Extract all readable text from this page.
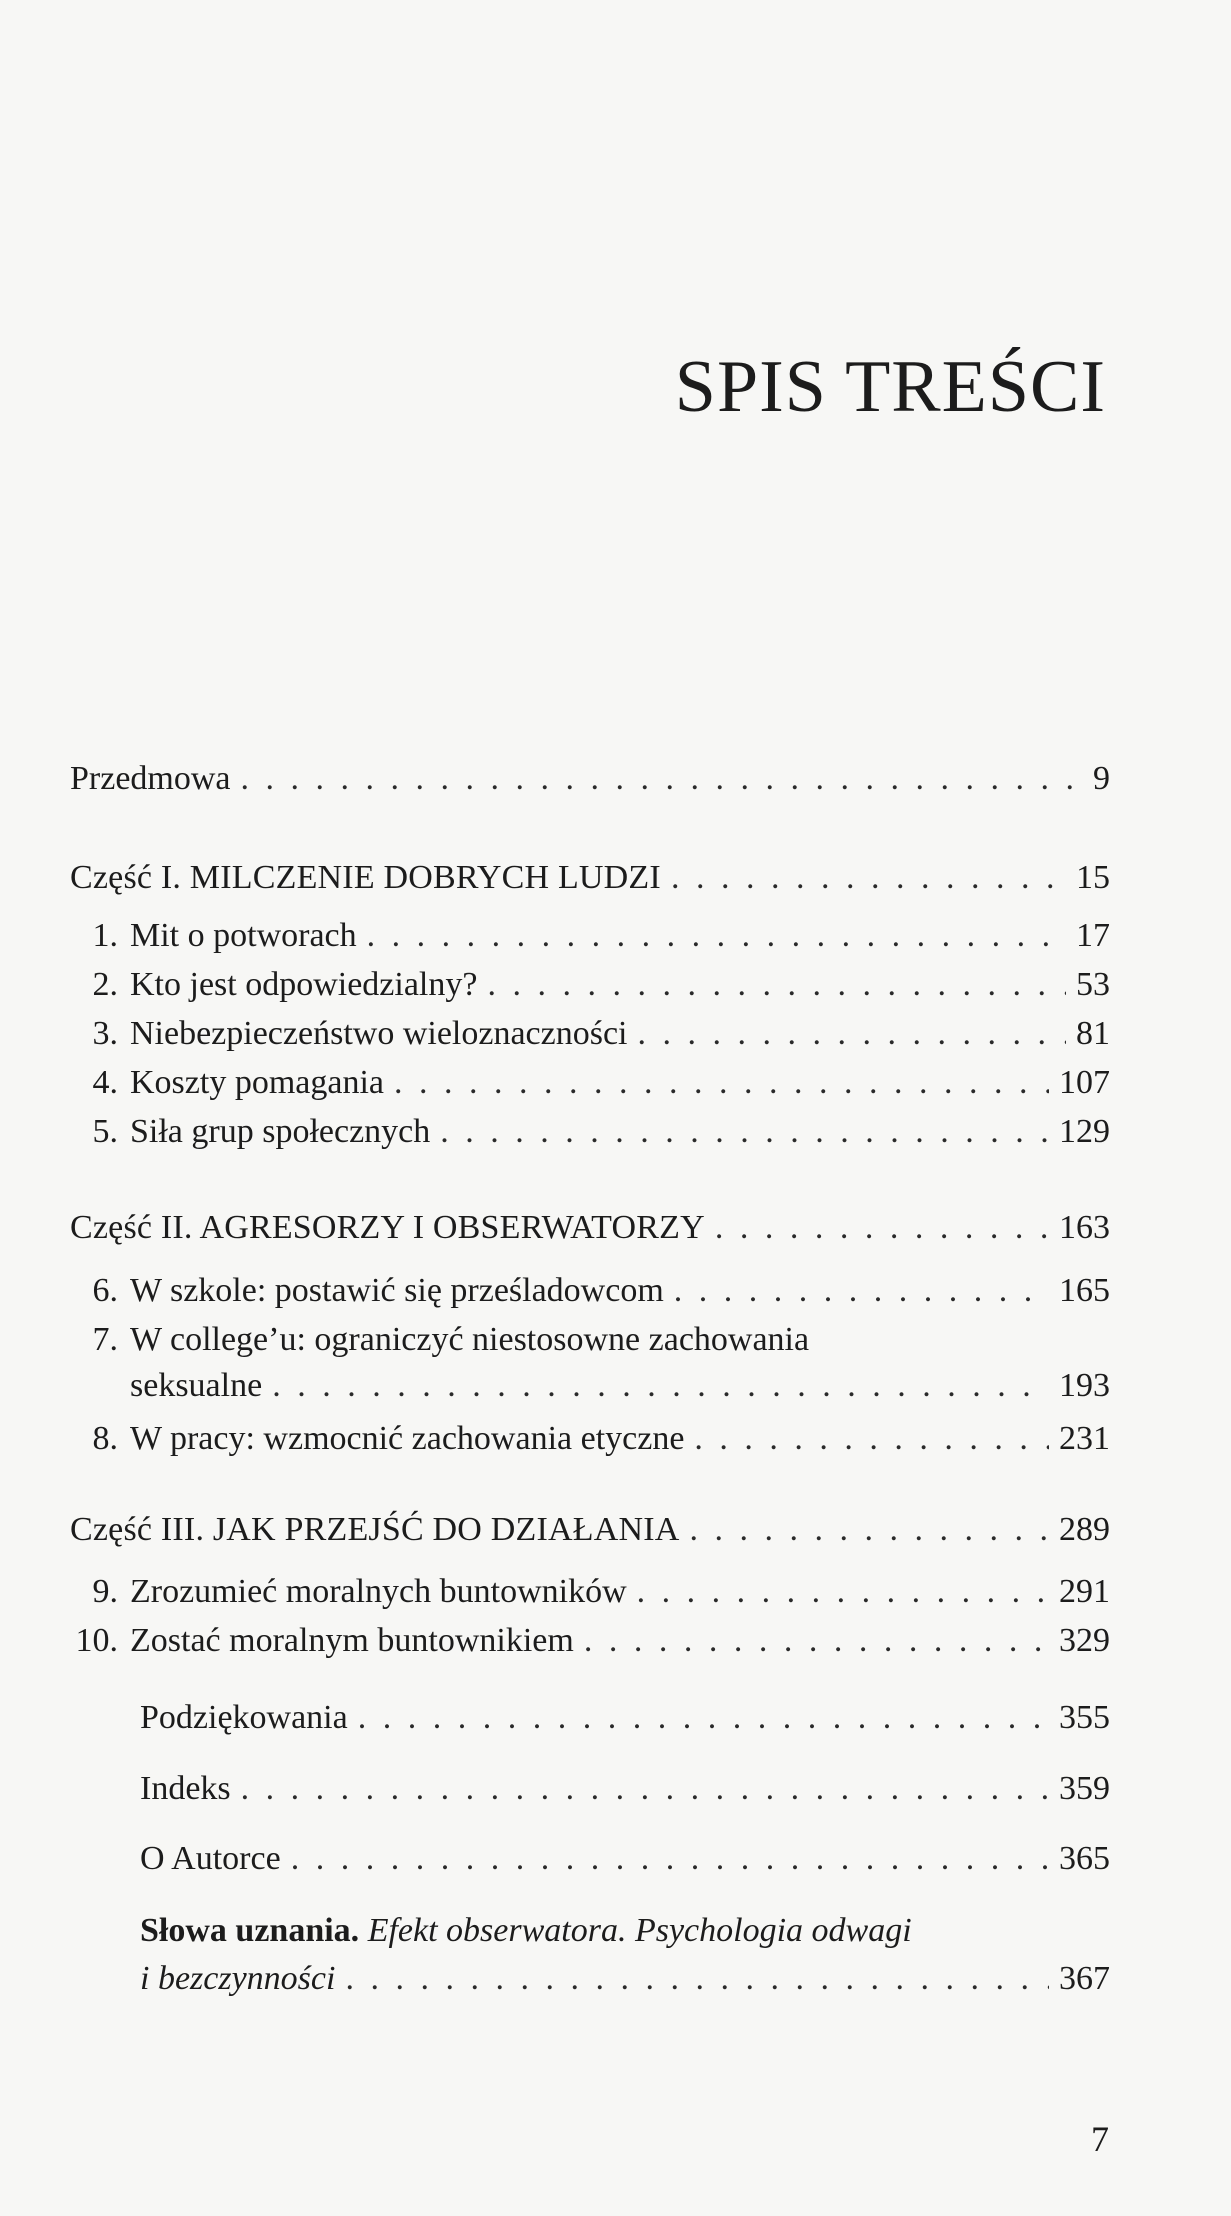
SPIS TREŚCI
Przedmowa . . .	9
Część I. MILCZENIE DOBRYCH LUDZI . . .	15
1. Mit o potworach . . .	17
2. Kto jest odpowiedzialny? . . .	53
3. Niebezpieczeństwo wieloznaczności . . .	81
4. Koszty pomagania . . .	107
5. Siła grup społecznych . . .	129
Część II. AGRESORZY I OBSERWATORZY . . .	163
6. W szkole: postawić się prześladowcom . . .	165
7. W college’u: ograniczyć niestosowne zachowania
seksualne . . .	193
8. W pracy: wzmocnić zachowania etyczne . . .	231
Część III. JAK PRZEJŚĆ DO DZIAŁANIA . . .	289
9. Zrozumieć moralnych buntowników . . .	291
10. Zostać moralnym buntownikiem . . .	329
Podziękowania . . .	355
Indeks . . .	359
O Autorce . . .	365
Słowa uznania. Efekt obserwatora. Psychologia odwagi
i bezczynności . . .	367

7
